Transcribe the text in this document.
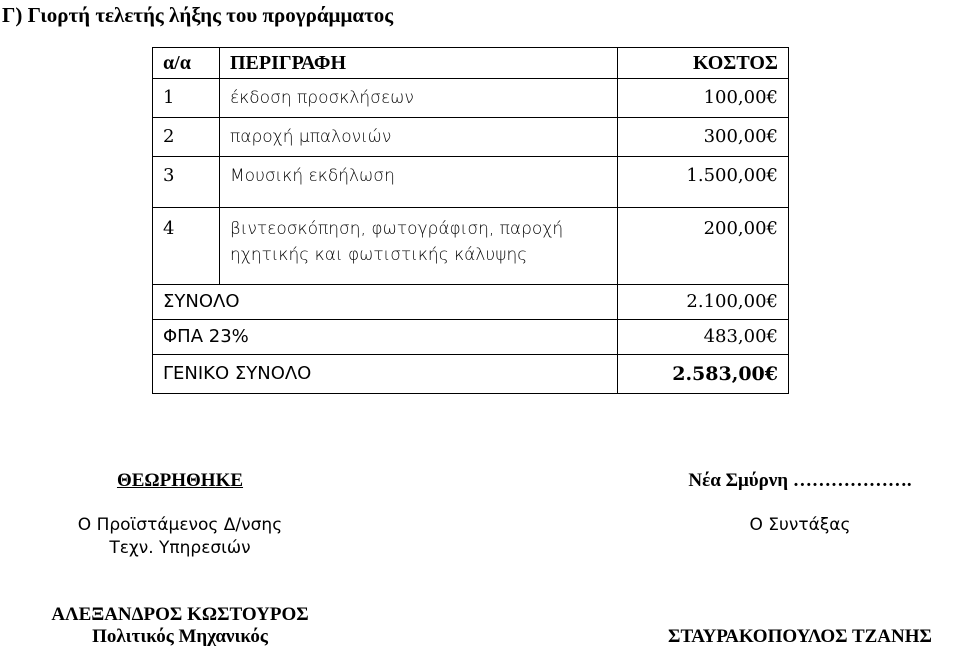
Γ) Γιορτή τελετής λήξης του προγράμματος
α/α	ΠΕΡΙΓΡΑΦΗ	ΚΟΣΤΟΣ
1	έκδοση προσκλήσεων	100,00€
2	παροχή μπαλονιών	300,00€
3	Μουσική εκδήλωση	1.500,00€
4	βιντεοσκόπηση, φωτογράφιση, παροχή
ηχητικής και φωτιστικής κάλυψης	200,00€
ΣΥΝΟΛΟ		2.100,00€
ΦΠΑ 23%		483,00€
ΓΕΝΙΚΟ ΣΥΝΟΛΟ		2.583,00€
ΘΕΩΡΗΘΗΚΕ
Ο Προϊστάμενος Δ/νσης
Τεχν. Υπηρεσιών
ΑΛΕΞΑΝΔΡΟΣ ΚΩΣΤΟΥΡΟΣ
Πολιτικός Μηχανικός
Νέα Σμύρνη ……………….
Ο Συντάξας
ΣΤΑΥΡΑΚΟΠΟΥΛΟΣ ΤΖΑΝΗΣ
